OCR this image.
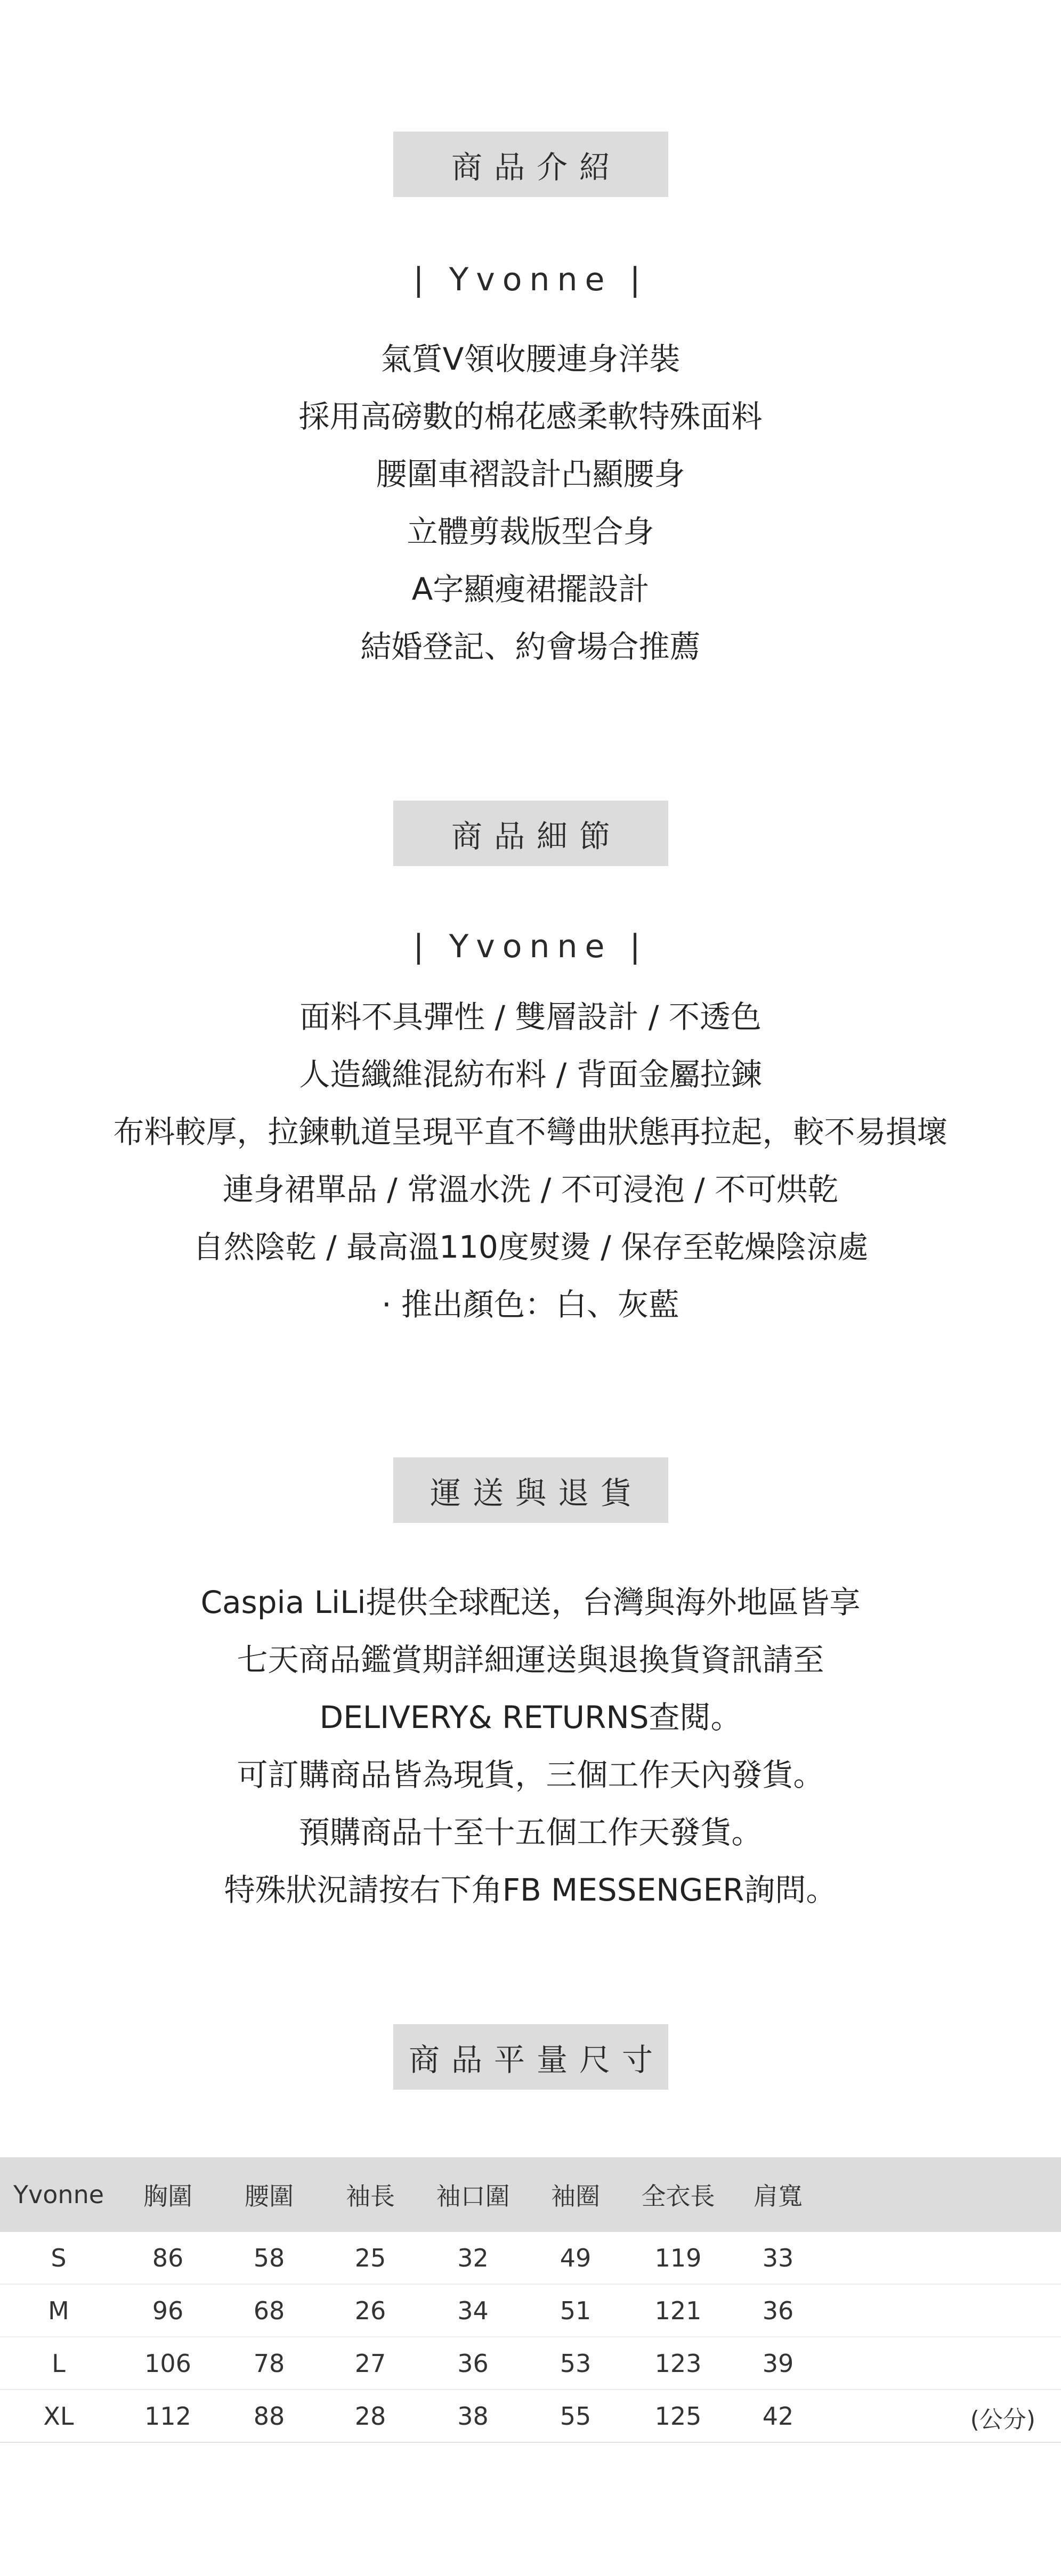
商品介紹
| Yvonne |
氣質V領收腰連身洋裝
採用高磅數的棉花感柔軟特殊面料
腰圍車褶設計凸顯腰身
立體剪裁版型合身
A字顯瘦裙擺設計
結婚登記、約會場合推薦
商品細節
| Yvonne |
面料不具彈性 / 雙層設計 / 不透色
人造纖維混紡布料 / 背面金屬拉鍊
布料較厚，拉鍊軌道呈現平直不彎曲狀態再拉起，較不易損壞
連身裙單品 / 常溫水洗 / 不可浸泡 / 不可烘乾
自然陰乾 / 最高溫110度熨燙 / 保存至乾燥陰涼處
· 推出顏色：白、灰藍
運送與退貨
Caspia LiLi提供全球配送，台灣與海外地區皆享
七天商品鑑賞期詳細運送與退換貨資訊請至
DELIVERY& RETURNS查閱。
可訂購商品皆為現貨，三個工作天內發貨。
預購商品十至十五個工作天發貨。
特殊狀況請按右下角FB MESSENGER詢問。
商品平量尺寸
Yvonne	胸圍	腰圍	袖長	袖口圍	袖圈	全衣長	肩寬	
S	86	58	25	32	49	119	33	
M	96	68	26	34	51	121	36	
L	106	78	27	36	53	123	39	
XL	112	88	28	38	55	125	42		(公分)
